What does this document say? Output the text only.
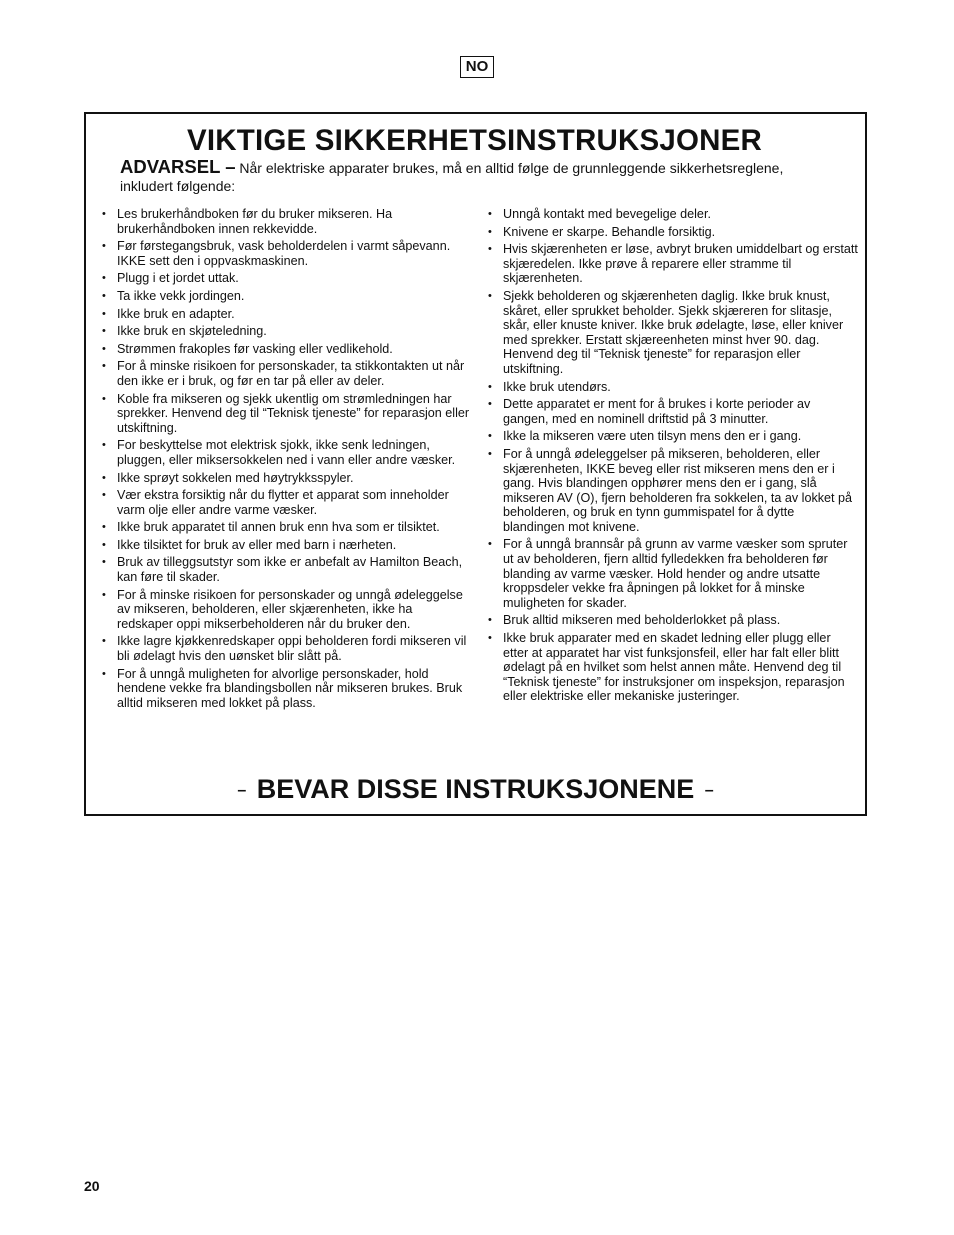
NO
VIKTIGE SIKKERHETSINSTRUKSJONER
ADVARSEL – Når elektriske apparater brukes, må en alltid følge de grunnleggende sikkerhetsreglene, inkludert følgende:
• Les brukerhåndboken før du bruker mikseren. Ha brukerhåndboken innen rekkevidde.
• Før førstegangsbruk, vask beholderdelen i varmt såpevann. IKKE sett den i oppvaskmaskinen.
• Plugg i et jordet uttak.
• Ta ikke vekk jordingen.
• Ikke bruk en adapter.
• Ikke bruk en skjøteledning.
• Strømmen frakoples før vasking eller vedlikehold.
• For å minske risikoen for personskader, ta stikkontakten ut når den ikke er i bruk, og før en tar på eller av deler.
• Koble fra mikseren og sjekk ukentlig om strømledningen har sprekker. Henvend deg til “Teknisk tjeneste” for reparasjon eller utskiftning.
• For beskyttelse mot elektrisk sjokk, ikke senk ledningen, pluggen, eller miksersokkelen ned i vann eller andre væsker.
• Ikke sprøyt sokkelen med høytrykksspyler.
• Vær ekstra forsiktig når du flytter et apparat som inneholder varm olje eller andre varme væsker.
• Ikke bruk apparatet til annen bruk enn hva som er tilsiktet.
• Ikke tilsiktet for bruk av eller med barn i nærheten.
• Bruk av tilleggsutstyr som ikke er anbefalt av Hamilton Beach, kan føre til skader.
• For å minske risikoen for personskader og unngå ødeleggelse av mikseren, beholderen, eller skjærenheten, ikke ha redskaper oppi mikserbeholderen når du bruker den.
• Ikke lagre kjøkkenredskaper oppi beholderen fordi mikseren vil bli ødelagt hvis den uønsket blir slått på.
• For å unngå muligheten for alvorlige personskader, hold hendene vekke fra blandingsbollen når mikseren brukes. Bruk alltid mikseren med lokket på plass.
• Unngå kontakt med bevegelige deler.
• Knivene er skarpe. Behandle forsiktig.
• Hvis skjærenheten er løse, avbryt bruken umiddelbart og erstatt skjæredelen. Ikke prøve å reparere eller stramme til skjærenheten.
• Sjekk beholderen og skjærenheten daglig. Ikke bruk knust, skåret, eller sprukket beholder. Sjekk skjæreren for slitasje, skår, eller knuste kniver. Ikke bruk ødelagte, løse, eller kniver med sprekker. Erstatt skjæreenheten minst hver 90. dag. Henvend deg til “Teknisk tjeneste” for reparasjon eller utskiftning.
• Ikke bruk utendørs.
• Dette apparatet er ment for å brukes i korte perioder av gangen, med en nominell driftstid på 3 minutter.
• Ikke la mikseren være uten tilsyn mens den er i gang.
• For å unngå ødeleggelser på mikseren, beholderen, eller skjærenheten, IKKE beveg eller rist mikseren mens den er i gang. Hvis blandingen opphører mens den er i gang, slå mikseren AV (O), fjern beholderen fra sokkelen, ta av lokket på beholderen, og bruk en tynn gummispatel for å dytte blandingen mot knivene.
• For å unngå brannsår på grunn av varme væsker som spruter ut av beholderen, fjern alltid fylledekken fra beholderen før blanding av varme væsker. Hold hender og andre utsatte kroppsdeler vekke fra åpningen på lokket for å minske muligheten for skader.
• Bruk alltid mikseren med beholderlokket på plass.
• Ikke bruk apparater med en skadet ledning eller plugg eller etter at apparatet har vist funksjonsfeil, eller har falt eller blitt ødelagt på en hvilket som helst annen måte. Henvend deg til “Teknisk tjeneste” for instruksjoner om inspeksjon, reparasjon eller elektriske eller mekaniske justeringer.
– BEVAR DISSE INSTRUKSJONENE –
20
